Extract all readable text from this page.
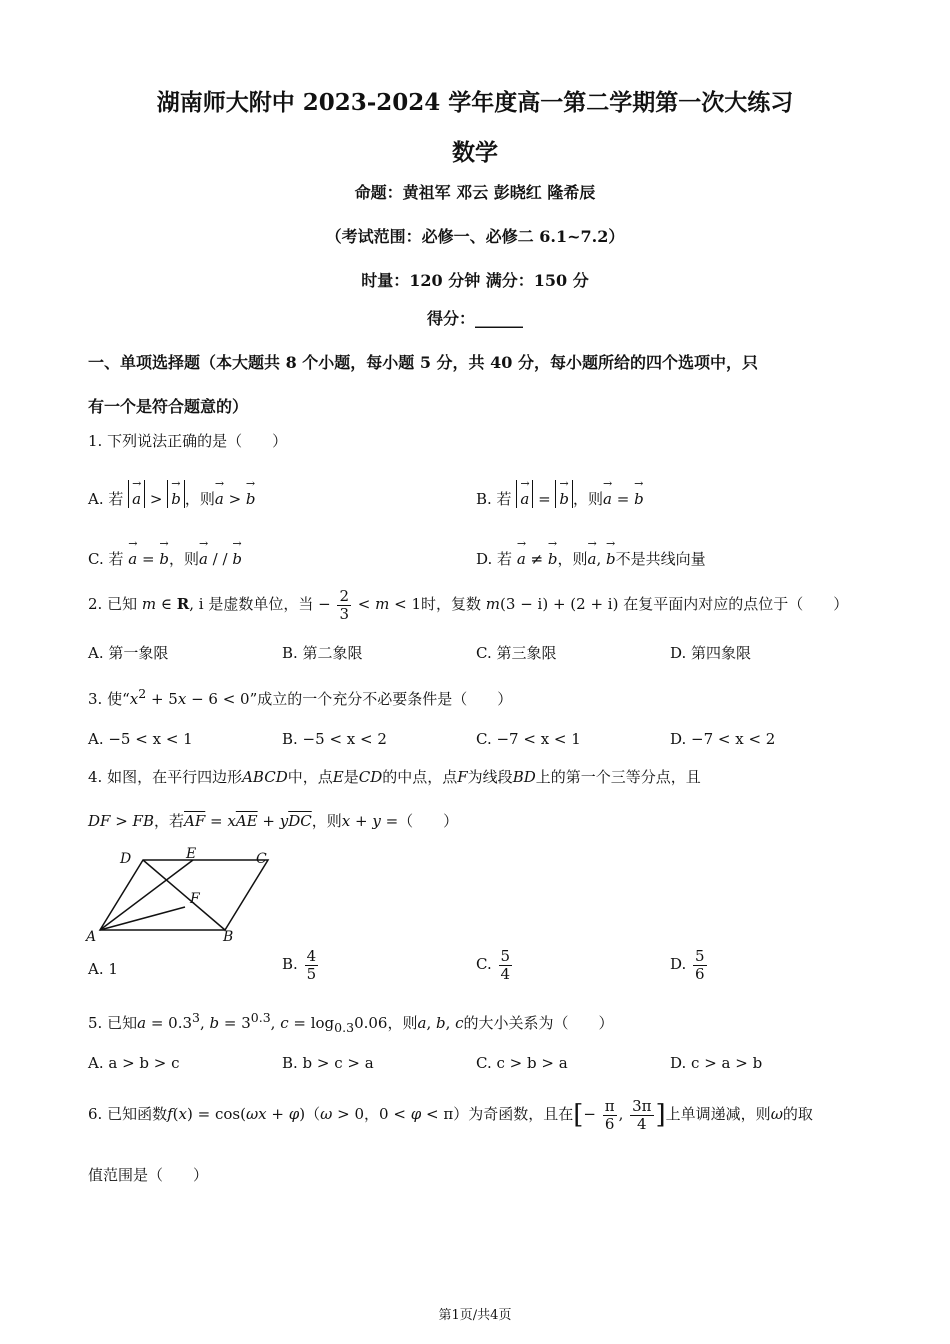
湖南师大附中 2023-2024 学年度高一第二学期第一次大练习
数学
命题：黄祖军 邓云 彭晓红 隆希辰
（考试范围：必修一、必修二 6.1~7.2）
时量：120 分钟 满分：150 分
得分：______
一、单项选择题（本大题共 8 个小题，每小题 5 分，共 40 分，每小题所给的四个选项中，只
有一个是符合题意的）
1. 下列说法正确的是（　　）
A. 若 → a > → b ，则→ a > → b	B. 若 → a = → b ，则→ a = → b
C. 若 → a = → b，则→ a / / → b	D. 若 → a ≠ → b，则→ a, → b不是共线向量
2. 已知 m ∈ R, i 是虚数单位，当 − $\frac{2}{3} < m < 1$时，复数 m(3 − i) + (2 + i) 在复平面内对应的点位于（　　）
A. 第一象限	B. 第二象限	C. 第三象限	D. 第四象限
3. 使“$x^2 + 5x - 6 < 0$”成立的一个充分不必要条件是（　　）
A. −5 < x < 1	B. −5 < x < 2	C. −7 < x < 1	D. −7 < x < 2
4. 如图，在平行四边形ABCD中，点E是CD的中点，点F为线段BD上的第一个三等分点，且
DF > FB，若$\overline{AF} = x\overline{AE} + y\overline{DC}$，则x + y =（　　）
D	E	C
F
A	B
A. 1	B. $\frac{4}{5}$	C. $\frac{5}{4}$	D. $\frac{5}{6}$
5. 已知$a = 0.3^3$, $b = 3^{0.3}$, $c = \log_{0.3}0.06$，则a, b, c的大小关系为（　　）
A. a > b > c	B. b > c > a	C. c > b > a	D. c > a > b
6. 已知函数f(x) = cos(ωx + φ)（ω > 0，0 < φ < π）为奇函数，且在[− $\frac{\pi}{6}$ , $\frac{3\pi}{4}$ ]上单调递减，则ω的取
值范围是（　　）
第1页/共4页
